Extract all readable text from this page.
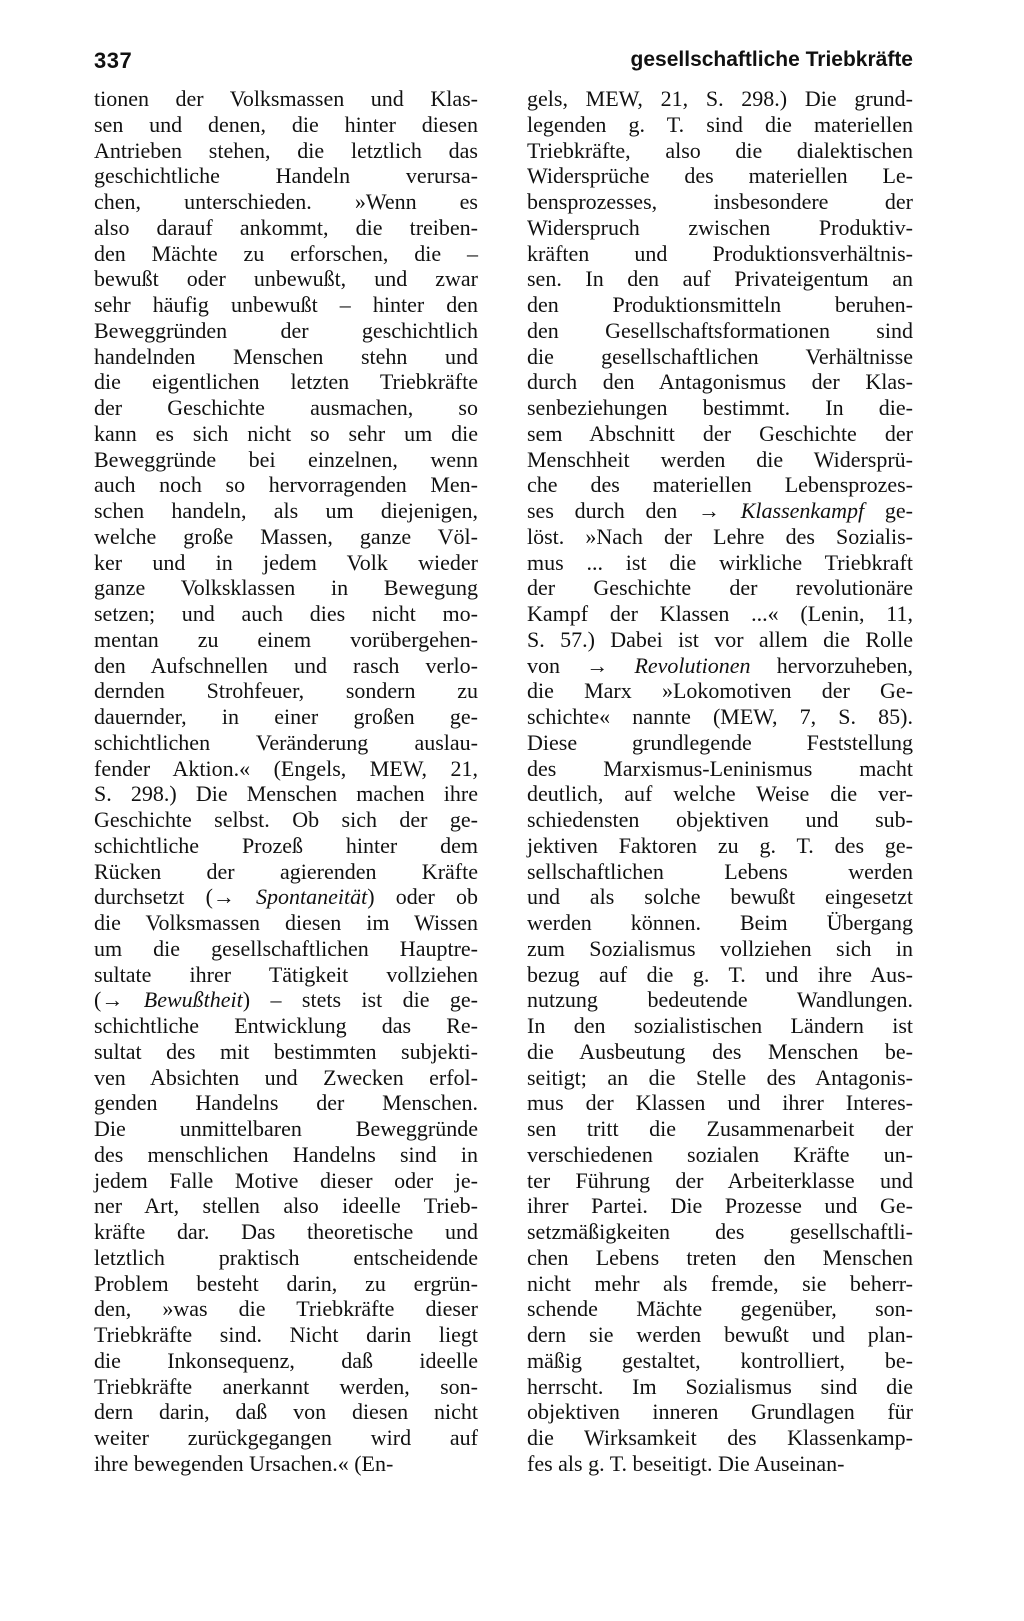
337	gesellschaftliche Triebkräfte
tionen der Volksmassen und Klas-
sen und denen, die hinter diesen
Antrieben stehen, die letztlich das
geschichtliche Handeln verursa-
chen, unterschieden. »Wenn es
also darauf ankommt, die treiben-
den Mächte zu erforschen, die –
bewußt oder unbewußt, und zwar
sehr häufig unbewußt – hinter den
Beweggründen der geschichtlich
handelnden Menschen stehn und
die eigentlichen letzten Triebkräfte
der Geschichte ausmachen, so
kann es sich nicht so sehr um die
Beweggründe bei einzelnen, wenn
auch noch so hervorragenden Men-
schen handeln, als um diejenigen,
welche große Massen, ganze Völ-
ker und in jedem Volk wieder
ganze Volksklassen in Bewegung
setzen; und auch dies nicht mo-
mentan zu einem vorübergehen-
den Aufschnellen und rasch verlo-
dernden Strohfeuer, sondern zu
dauernder, in einer großen ge-
schichtlichen Veränderung auslau-
fender Aktion.« (Engels, MEW, 21,
S. 298.) Die Menschen machen ihre
Geschichte selbst. Ob sich der ge-
schichtliche Prozeß hinter dem
Rücken der agierenden Kräfte
durchsetzt (→ Spontaneität) oder ob
die Volksmassen diesen im Wissen
um die gesellschaftlichen Hauptre-
sultate ihrer Tätigkeit vollziehen
(→ Bewußtheit) – stets ist die ge-
schichtliche Entwicklung das Re-
sultat des mit bestimmten subjekti-
ven Absichten und Zwecken erfol-
genden Handelns der Menschen.
Die unmittelbaren Beweggründe
des menschlichen Handelns sind in
jedem Falle Motive dieser oder je-
ner Art, stellen also ideelle Trieb-
kräfte dar. Das theoretische und
letztlich praktisch entscheidende
Problem besteht darin, zu ergrün-
den, »was die Triebkräfte dieser
Triebkräfte sind. Nicht darin liegt
die Inkonsequenz, daß ideelle
Triebkräfte anerkannt werden, son-
dern darin, daß von diesen nicht
weiter zurückgegangen wird auf
ihre bewegenden Ursachen.« (En-
gels, MEW, 21, S. 298.) Die grund-
legenden g. T. sind die materiellen
Triebkräfte, also die dialektischen
Widersprüche des materiellen Le-
bensprozesses, insbesondere der
Widerspruch zwischen Produktiv-
kräften und Produktionsverhältnis-
sen. In den auf Privateigentum an
den Produktionsmitteln beruhen-
den Gesellschaftsformationen sind
die gesellschaftlichen Verhältnisse
durch den Antagonismus der Klas-
senbeziehungen bestimmt. In die-
sem Abschnitt der Geschichte der
Menschheit werden die Widersprü-
che des materiellen Lebensprozes-
ses durch den → Klassenkampf ge-
löst. »Nach der Lehre des Sozialis-
mus ... ist die wirkliche Triebkraft
der Geschichte der revolutionäre
Kampf der Klassen ...« (Lenin, 11,
S. 57.) Dabei ist vor allem die Rolle
von → Revolutionen hervorzuheben,
die Marx »Lokomotiven der Ge-
schichte« nannte (MEW, 7, S. 85).
Diese grundlegende Feststellung
des Marxismus-Leninismus macht
deutlich, auf welche Weise die ver-
schiedensten objektiven und sub-
jektiven Faktoren zu g. T. des ge-
sellschaftlichen Lebens werden
und als solche bewußt eingesetzt
werden können. Beim Übergang
zum Sozialismus vollziehen sich in
bezug auf die g. T. und ihre Aus-
nutzung bedeutende Wandlungen.
In den sozialistischen Ländern ist
die Ausbeutung des Menschen be-
seitigt; an die Stelle des Antagonis-
mus der Klassen und ihrer Interes-
sen tritt die Zusammenarbeit der
verschiedenen sozialen Kräfte un-
ter Führung der Arbeiterklasse und
ihrer Partei. Die Prozesse und Ge-
setzmäßigkeiten des gesellschaftli-
chen Lebens treten den Menschen
nicht mehr als fremde, sie beherr-
schende Mächte gegenüber, son-
dern sie werden bewußt und plan-
mäßig gestaltet, kontrolliert, be-
herrscht. Im Sozialismus sind die
objektiven inneren Grundlagen für
die Wirksamkeit des Klassenkamp-
fes als g. T. beseitigt. Die Auseinan-
